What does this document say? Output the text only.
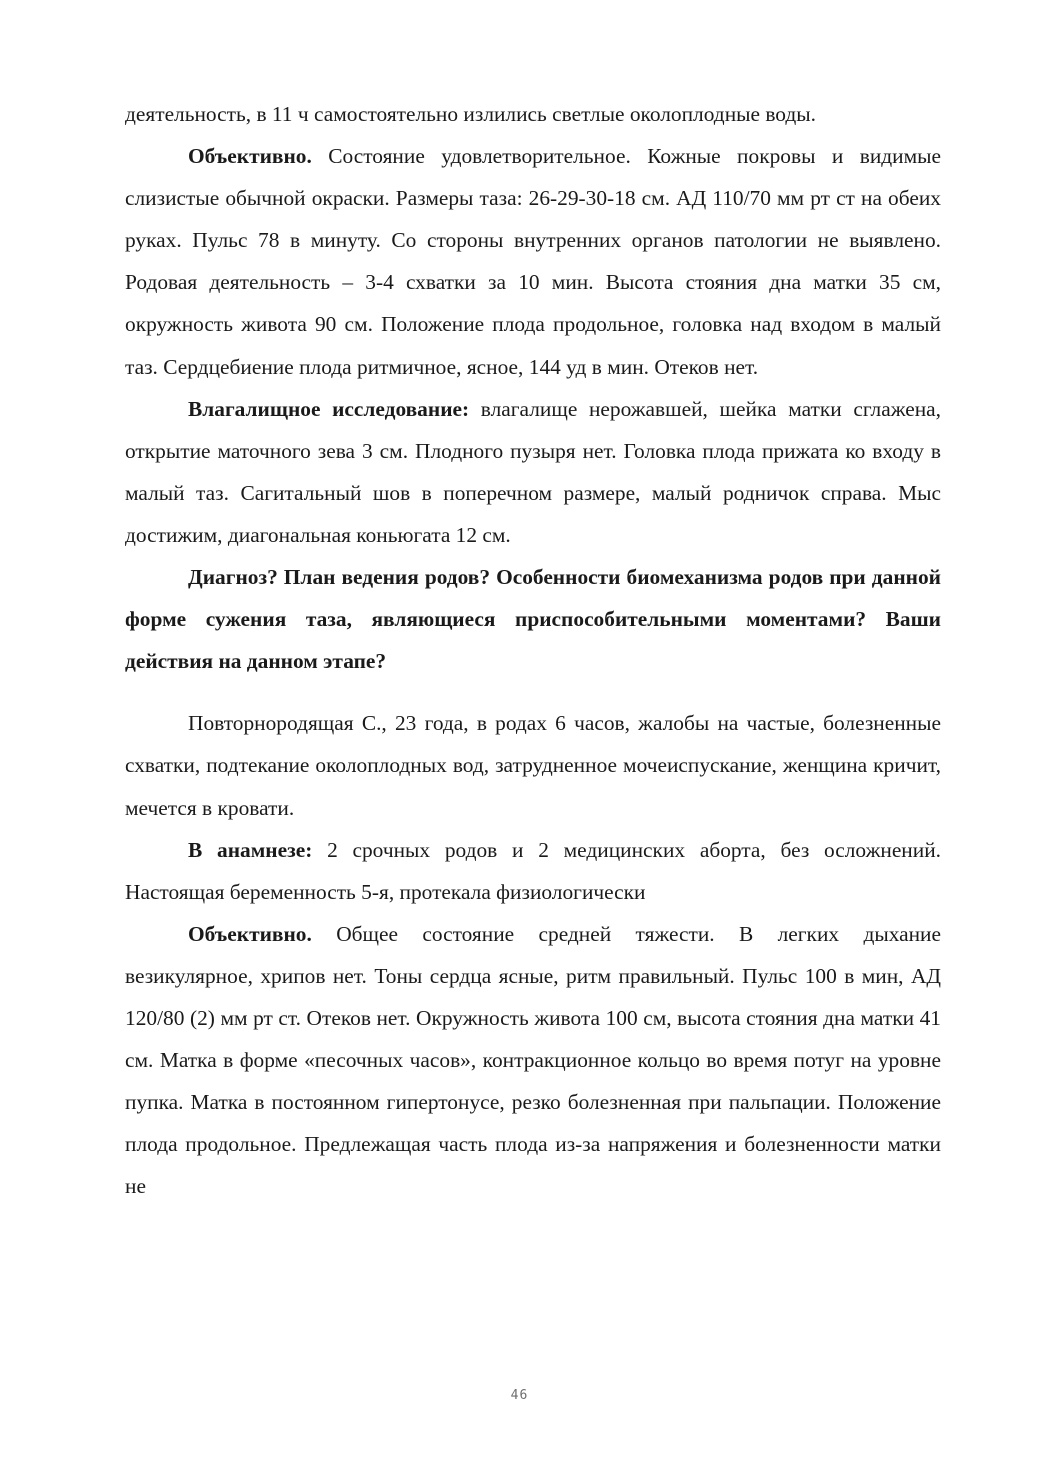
деятельность, в 11 ч самостоятельно излились светлые околоплодные воды.

Объективно. Состояние удовлетворительное. Кожные покровы и видимые слизистые обычной окраски. Размеры таза: 26-29-30-18 см. АД 110/70 мм рт ст на обеих руках. Пульс 78 в минуту. Со стороны внутренних органов патологии не выявлено. Родовая деятельность – 3-4 схватки за 10 мин. Высота стояния дна матки 35 см, окружность живота 90 см. Положение плода продольное, головка над входом в малый таз. Сердцебиение плода ритмичное, ясное, 144 уд в мин. Отеков нет.

Влагалищное исследование: влагалище нерожавшей, шейка матки сглажена, открытие маточного зева 3 см. Плодного пузыря нет. Головка плода прижата ко входу в малый таз. Сагитальный шов в поперечном размере, малый родничок справа. Мыс достижим, диагональная коньюгата 12 см.

Диагноз? План ведения родов? Особенности биомеханизма родов при данной форме сужения таза, являющиеся приспособительными моментами? Ваши действия на данном этапе?

Повторнородящая С., 23 года, в родах 6 часов, жалобы на частые, болезненные схватки, подтекание околоплодных вод, затрудненное мочеиспускание, женщина кричит, мечется в кровати.

В анамнезе: 2 срочных родов и 2 медицинских аборта, без осложнений. Настоящая беременность 5-я, протекала физиологически

Объективно. Общее состояние средней тяжести. В легких дыхание везикулярное, хрипов нет. Тоны сердца ясные, ритм правильный. Пульс 100 в мин, АД 120/80 (2) мм рт ст. Отеков нет. Окружность живота 100 см, высота стояния дна матки 41 см. Матка в форме «песочных часов», контракционное кольцо во время потуг на уровне пупка. Матка в постоянном гипертонусе, резко болезненная при пальпации. Положение плода продольное. Предлежащая часть плода из-за напряжения и болезненности матки не

46
